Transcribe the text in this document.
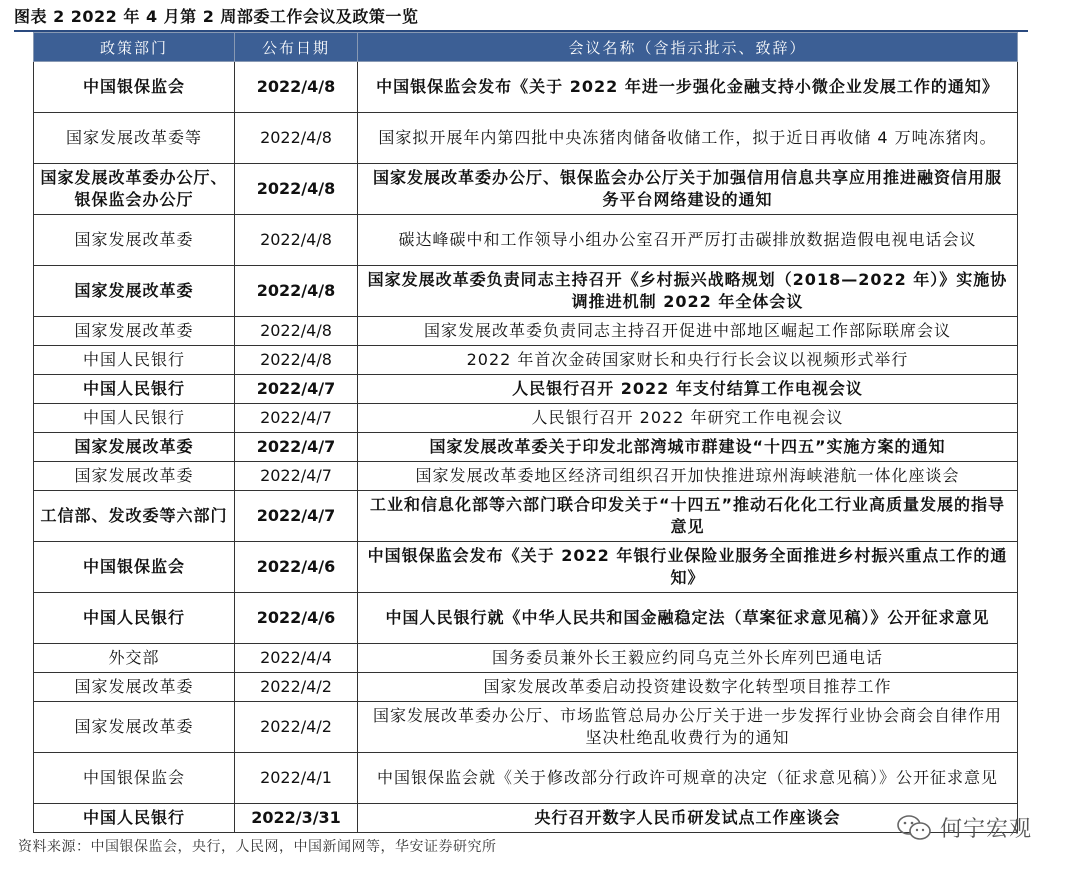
图表 2 2022 年 4 月第 2 周部委工作会议及政策一览
政策部门	公布日期	会议名称（含指示批示、致辞）
中国银保监会	2022/4/8	中国银保监会发布《关于 2022 年进一步强化金融支持小微企业发展工作的通知》
国家发展改革委等	2022/4/8	国家拟开展年内第四批中央冻猪肉储备收储工作，拟于近日再收储 4 万吨冻猪肉。
国家发展改革委办公厅、银保监会办公厅	2022/4/8	国家发展改革委办公厅、银保监会办公厅关于加强信用信息共享应用推进融资信用服务平台网络建设的通知
国家发展改革委	2022/4/8	碳达峰碳中和工作领导小组办公室召开严厉打击碳排放数据造假电视电话会议
国家发展改革委	2022/4/8	国家发展改革委负责同志主持召开《乡村振兴战略规划（2018—2022 年）》实施协调推进机制 2022 年全体会议
国家发展改革委	2022/4/8	国家发展改革委负责同志主持召开促进中部地区崛起工作部际联席会议
中国人民银行	2022/4/8	2022 年首次金砖国家财长和央行行长会议以视频形式举行
中国人民银行	2022/4/7	人民银行召开 2022 年支付结算工作电视会议
中国人民银行	2022/4/7	人民银行召开 2022 年研究工作电视会议
国家发展改革委	2022/4/7	国家发展改革委关于印发北部湾城市群建设“十四五”实施方案的通知
国家发展改革委	2022/4/7	国家发展改革委地区经济司组织召开加快推进琼州海峡港航一体化座谈会
工信部、发改委等六部门	2022/4/7	工业和信息化部等六部门联合印发关于“十四五”推动石化化工行业高质量发展的指导意见
中国银保监会	2022/4/6	中国银保监会发布《关于 2022 年银行业保险业服务全面推进乡村振兴重点工作的通知》
中国人民银行	2022/4/6	中国人民银行就《中华人民共和国金融稳定法（草案征求意见稿）》公开征求意见
外交部	2022/4/4	国务委员兼外长王毅应约同乌克兰外长库列巴通电话
国家发展改革委	2022/4/2	国家发展改革委启动投资建设数字化转型项目推荐工作
国家发展改革委	2022/4/2	国家发展改革委办公厅、市场监管总局办公厅关于进一步发挥行业协会商会自律作用坚决杜绝乱收费行为的通知
中国银保监会	2022/4/1	中国银保监会就《关于修改部分行政许可规章的决定（征求意见稿）》公开征求意见
中国人民银行	2022/3/31	央行召开数字人民币研发试点工作座谈会
资料来源：中国银保监会，央行，人民网，中国新闻网等，华安证券研究所
何宁宏观
